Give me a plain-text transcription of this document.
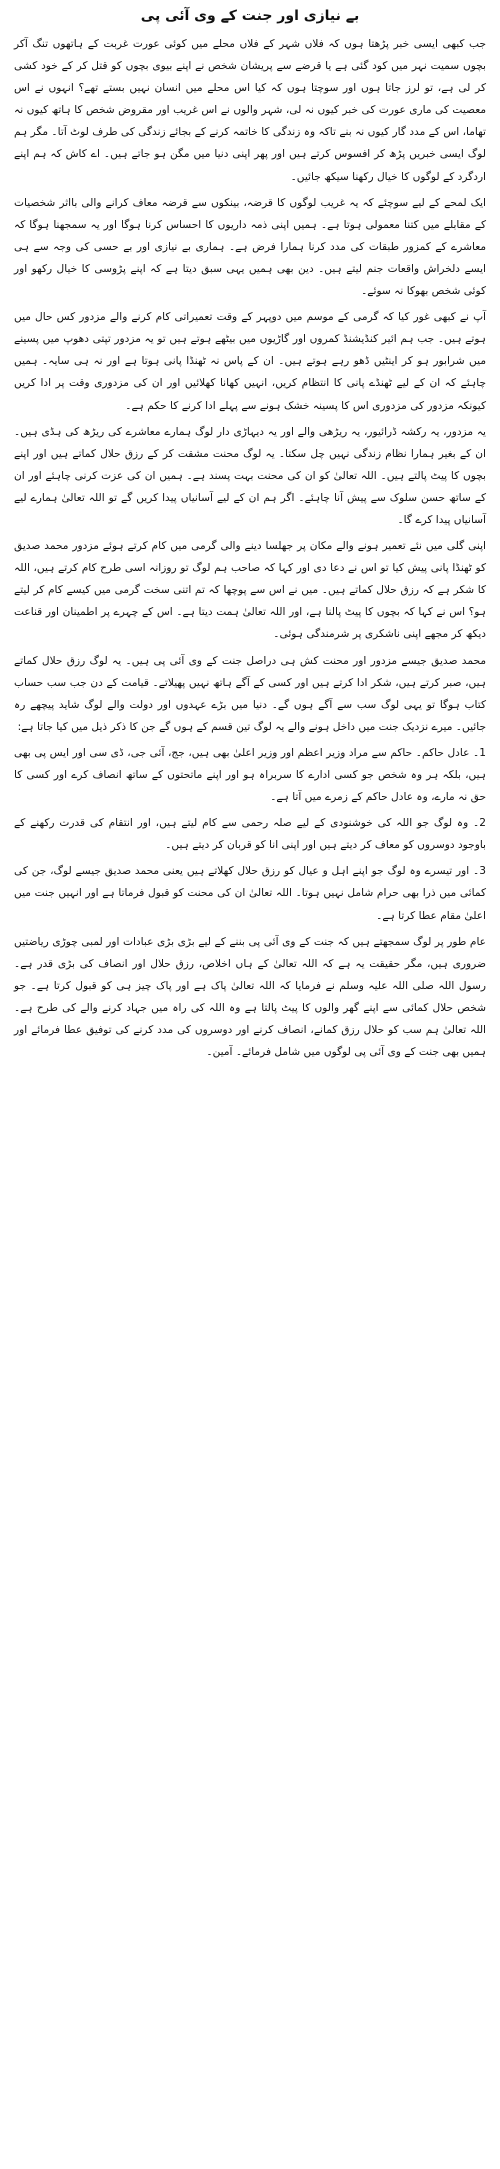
بے نیازی اور جنت کے وی آئی پی

جب کبھی ایسی خبر پڑھتا ہوں کہ فلاں شہر کے فلاں محلے میں کوئی عورت غربت کے ہاتھوں تنگ آکر بچوں سمیت نہر میں کود گئی ہے یا قرضے سے پریشان شخص نے اپنے بیوی بچوں کو قتل کر کے خود کشی کر لی ہے، تو لرز جاتا ہوں اور سوچتا ہوں کہ کیا اس محلے میں انسان نہیں بستے تھے؟ انہوں نے اس معصیت کی ماری عورت کی خبر کیوں نہ لی، شہر والوں نے اس غریب اور مقروض شخص کا ہاتھ کیوں نہ تھاما، اس کے مدد گار کیوں نہ بنے تاکہ وہ زندگی کا خاتمہ کرنے کے بجائے زندگی کی طرف لوٹ آتا۔ مگر ہم لوگ ایسی خبریں پڑھ کر افسوس کرتے ہیں اور پھر اپنی دنیا میں مگن ہو جاتے ہیں۔ اے کاش کہ ہم اپنے اردگرد کے لوگوں کا خیال رکھنا سیکھ جائیں۔

ایک لمحے کے لیے سوچئے کہ یہ غریب لوگوں کا قرضہ، بینکوں سے قرضہ معاف کرانے والی بااثر شخصیات کے مقابلے میں کتنا معمولی ہوتا ہے۔ ہمیں اپنی ذمہ داریوں کا احساس کرنا ہوگا اور یہ سمجھنا ہوگا کہ معاشرے کے کمزور طبقات کی مدد کرنا ہمارا فرض ہے۔ ہماری بے نیازی اور بے حسی کی وجہ سے ہی ایسے دلخراش واقعات جنم لیتے ہیں۔ دین بھی ہمیں یہی سبق دیتا ہے کہ اپنے پڑوسی کا خیال رکھو اور کوئی شخص بھوکا نہ سوئے۔

آپ نے کبھی غور کیا کہ گرمی کے موسم میں دوپہر کے وقت تعمیراتی کام کرنے والے مزدور کس حال میں ہوتے ہیں۔ جب ہم ائیر کنڈیشنڈ کمروں اور گاڑیوں میں بیٹھے ہوتے ہیں تو یہ مزدور تپتی دھوپ میں پسینے میں شرابور ہو کر اینٹیں ڈھو رہے ہوتے ہیں۔ ان کے پاس نہ ٹھنڈا پانی ہوتا ہے اور نہ ہی سایہ۔ ہمیں چاہئے کہ ان کے لیے ٹھنڈے پانی کا انتظام کریں، انہیں کھانا کھلائیں اور ان کی مزدوری وقت پر ادا کریں کیونکہ مزدور کی مزدوری اس کا پسینہ خشک ہونے سے پہلے ادا کرنے کا حکم ہے۔

یہ مزدور، یہ رکشہ ڈرائیور، یہ ریڑھی والے اور یہ دیہاڑی دار لوگ ہمارے معاشرے کی ریڑھ کی ہڈی ہیں۔ ان کے بغیر ہمارا نظام زندگی نہیں چل سکتا۔ یہ لوگ محنت مشقت کر کے رزق حلال کماتے ہیں اور اپنے بچوں کا پیٹ پالتے ہیں۔ اللہ تعالیٰ کو ان کی محنت بہت پسند ہے۔ ہمیں ان کی عزت کرنی چاہئے اور ان کے ساتھ حسن سلوک سے پیش آنا چاہئے۔ اگر ہم ان کے لیے آسانیاں پیدا کریں گے تو اللہ تعالیٰ ہمارے لیے آسانیاں پیدا کرے گا۔

اپنی گلی میں نئے تعمیر ہونے والے مکان پر جھلسا دینے والی گرمی میں کام کرتے ہوئے مزدور محمد صدیق کو ٹھنڈا پانی پیش کیا تو اس نے دعا دی اور کہا کہ صاحب ہم لوگ تو روزانہ اسی طرح کام کرتے ہیں، اللہ کا شکر ہے کہ رزق حلال کماتے ہیں۔ میں نے اس سے پوچھا کہ تم اتنی سخت گرمی میں کیسے کام کر لیتے ہو؟ اس نے کہا کہ بچوں کا پیٹ پالنا ہے، اور اللہ تعالیٰ ہمت دیتا ہے۔ اس کے چہرے پر اطمینان اور قناعت دیکھ کر مجھے اپنی ناشکری پر شرمندگی ہوئی۔

محمد صدیق جیسے مزدور اور محنت کش ہی دراصل جنت کے وی آئی پی ہیں۔ یہ لوگ رزق حلال کماتے ہیں، صبر کرتے ہیں، شکر ادا کرتے ہیں اور کسی کے آگے ہاتھ نہیں پھیلاتے۔ قیامت کے دن جب سب حساب کتاب ہوگا تو یہی لوگ سب سے آگے ہوں گے۔ دنیا میں بڑے عہدوں اور دولت والے لوگ شاید پیچھے رہ جائیں۔ میرے نزدیک جنت میں داخل ہونے والے یہ لوگ تین قسم کے ہوں گے جن کا ذکر ذیل میں کیا جاتا ہے:

1۔ عادل حاکم۔ حاکم سے مراد وزیر اعظم اور وزیر اعلیٰ بھی ہیں، جج، آئی جی، ڈی سی اور ایس پی بھی ہیں، بلکہ ہر وہ شخص جو کسی ادارے کا سربراہ ہو اور اپنے ماتحتوں کے ساتھ انصاف کرے اور کسی کا حق نہ مارے، وہ عادل حاکم کے زمرے میں آتا ہے۔

2۔ وہ لوگ جو اللہ کی خوشنودی کے لیے صلہ رحمی سے کام لیتے ہیں، اور انتقام کی قدرت رکھنے کے باوجود دوسروں کو معاف کر دیتے ہیں اور اپنی انا کو قربان کر دیتے ہیں۔

3۔ اور تیسرے وہ لوگ جو اپنے اہل و عیال کو رزق حلال کھلاتے ہیں یعنی محمد صدیق جیسے لوگ، جن کی کمائی میں ذرا بھی حرام شامل نہیں ہوتا۔ اللہ تعالیٰ ان کی محنت کو قبول فرماتا ہے اور انہیں جنت میں اعلیٰ مقام عطا کرتا ہے۔

عام طور پر لوگ سمجھتے ہیں کہ جنت کے وی آئی پی بننے کے لیے بڑی بڑی عبادات اور لمبی چوڑی ریاضتیں ضروری ہیں، مگر حقیقت یہ ہے کہ اللہ تعالیٰ کے ہاں اخلاص، رزق حلال اور انصاف کی بڑی قدر ہے۔ رسول اللہ صلی اللہ علیہ وسلم نے فرمایا کہ اللہ تعالیٰ پاک ہے اور پاک چیز ہی کو قبول کرتا ہے۔ جو شخص حلال کمائی سے اپنے گھر والوں کا پیٹ پالتا ہے وہ اللہ کی راہ میں جہاد کرنے والے کی طرح ہے۔ اللہ تعالیٰ ہم سب کو حلال رزق کمانے، انصاف کرنے اور دوسروں کی مدد کرنے کی توفیق عطا فرمائے اور ہمیں بھی جنت کے وی آئی پی لوگوں میں شامل فرمائے۔ آمین۔
